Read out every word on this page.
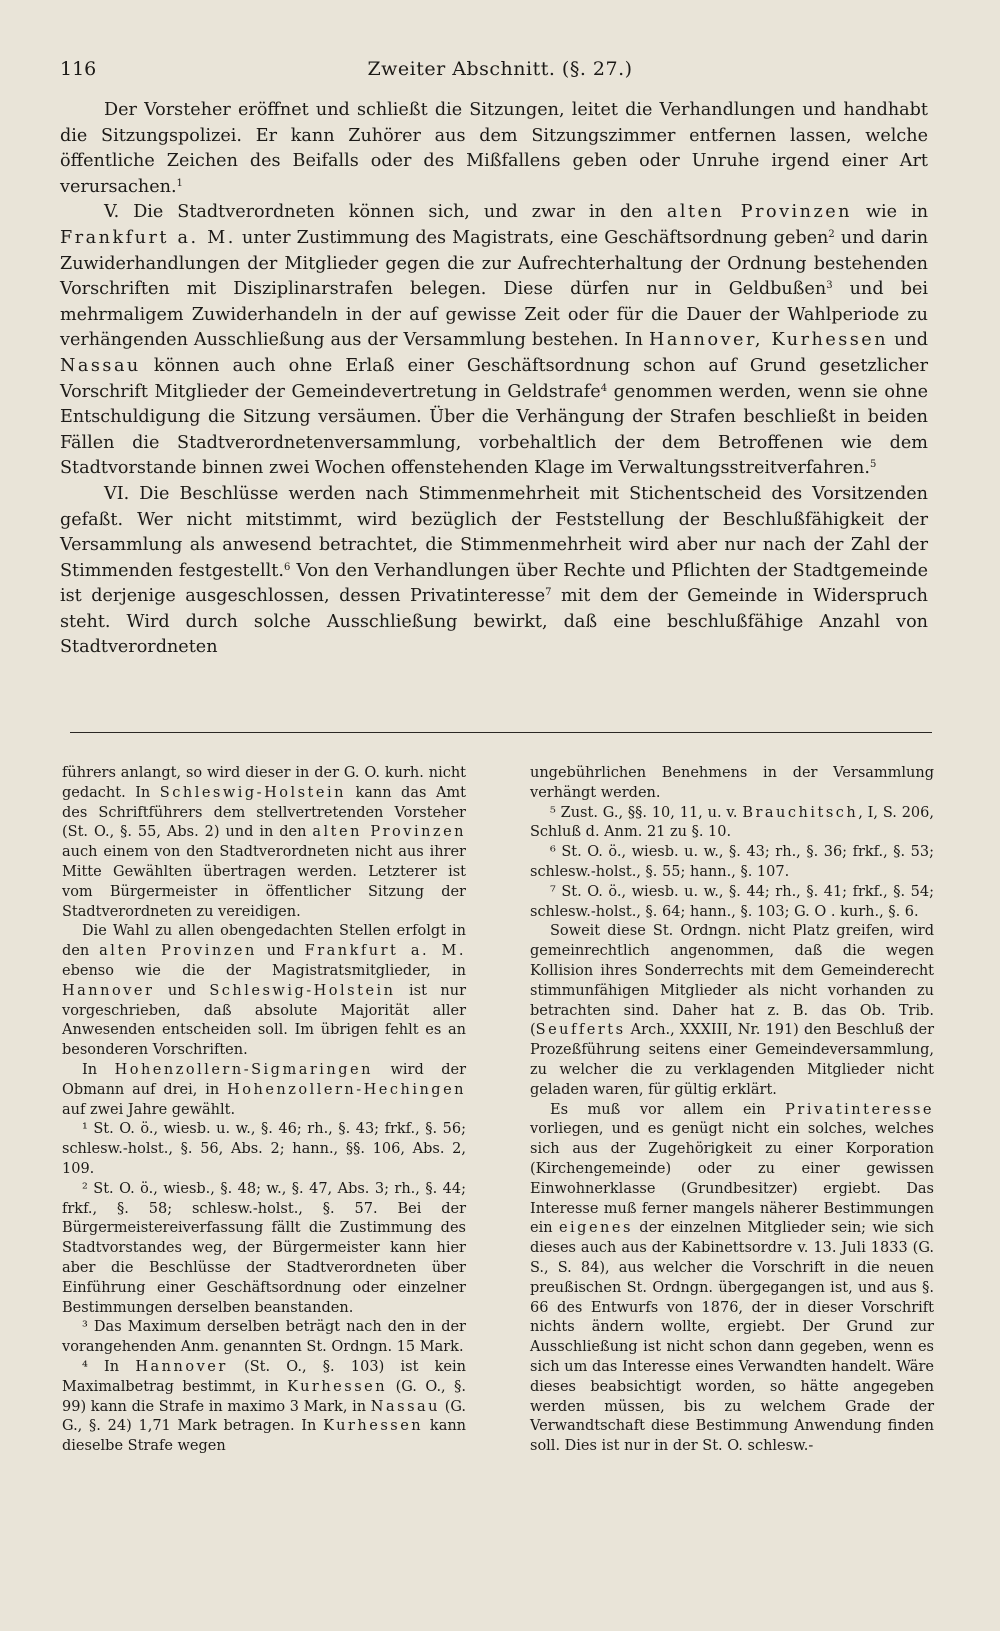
116	Zweiter Abschnitt. (§. 27.)

Der Vorsteher eröffnet und schließt die Sitzungen, leitet die Verhandlungen und handhabt die Sitzungspolizei. Er kann Zuhörer aus dem Sitzungszimmer entfernen lassen, welche öffentliche Zeichen des Beifalls oder des Mißfallens geben oder Unruhe irgend einer Art verursachen.$^1$

V. Die Stadtverordneten können sich, und zwar in den alten Provinzen wie in Frankfurt a. M. unter Zustimmung des Magistrats, eine Geschäftsordnung geben$^2$ und darin Zuwiderhandlungen der Mitglieder gegen die zur Aufrechterhaltung der Ordnung bestehenden Vorschriften mit Disziplinarstrafen belegen. Diese dürfen nur in Geldbußen$^3$ und bei mehrmaligem Zuwiderhandeln in der auf gewisse Zeit oder für die Dauer der Wahlperiode zu verhängenden Ausschließung aus der Versammlung bestehen. In Hannover, Kurhessen und Nassau können auch ohne Erlaß einer Geschäftsordnung schon auf Grund gesetzlicher Vorschrift Mitglieder der Gemeindevertretung in Geldstrafe$^4$ genommen werden, wenn sie ohne Entschuldigung die Sitzung versäumen. Über die Verhängung der Strafen beschließt in beiden Fällen die Stadtverordnetenversammlung, vorbehaltlich der dem Betroffenen wie dem Stadtvorstande binnen zwei Wochen offenstehenden Klage im Verwaltungsstreitverfahren.$^5$

VI. Die Beschlüsse werden nach Stimmenmehrheit mit Stichentscheid des Vorsitzenden gefaßt. Wer nicht mitstimmt, wird bezüglich der Feststellung der Beschlußfähigkeit der Versammlung als anwesend betrachtet, die Stimmenmehrheit wird aber nur nach der Zahl der Stimmenden festgestellt.$^6$ Von den Verhandlungen über Rechte und Pflichten der Stadtgemeinde ist derjenige ausgeschlossen, dessen Privatinteresse$^7$ mit dem der Gemeinde in Widerspruch steht. Wird durch solche Ausschließung bewirkt, daß eine beschlußfähige Anzahl von Stadtverordneten

führers anlangt, so wird dieser in der G. O. kurh. nicht gedacht. In Schleswig-Holstein kann das Amt des Schriftführers dem stellvertretenden Vorsteher (St. O., §. 55, Abs. 2) und in den alten Provinzen auch einem von den Stadtverordneten nicht aus ihrer Mitte Gewählten übertragen werden. Letzterer ist vom Bürgermeister in öffentlicher Sitzung der Stadtverordneten zu vereidigen.

Die Wahl zu allen obengedachten Stellen erfolgt in den alten Provinzen und Frankfurt a. M. ebenso wie die der Magistratsmitglieder, in Hannover und Schleswig-Holstein ist nur vorgeschrieben, daß absolute Majorität aller Anwesenden entscheiden soll. Im übrigen fehlt es an besonderen Vorschriften.

In Hohenzollern-Sigmaringen wird der Obmann auf drei, in Hohenzollern-Hechingen auf zwei Jahre gewählt.

¹ St. O. ö., wiesb. u. w., §. 46; rh., §. 43; frkf., §. 56; schlesw.-holst., §. 56, Abs. 2; hann., §§. 106, Abs. 2, 109.

² St. O. ö., wiesb., §. 48; w., §. 47, Abs. 3; rh., §. 44; frkf., §. 58; schlesw.-holst., §. 57. Bei der Bürgermeistereiverfassung fällt die Zustimmung des Stadtvorstandes weg, der Bürgermeister kann hier aber die Beschlüsse der Stadtverordneten über Einführung einer Geschäftsordnung oder einzelner Bestimmungen derselben beanstanden.

³ Das Maximum derselben beträgt nach den in der vorangehenden Anm. genannten St. Ordngn. 15 Mark.

⁴ In Hannover (St. O., §. 103) ist kein Maximalbetrag bestimmt, in Kurhessen (G. O., §. 99) kann die Strafe in maximo 3 Mark, in Nassau (G. G., §. 24) 1,71 Mark betragen. In Kurhessen kann dieselbe Strafe wegen

ungebührlichen Benehmens in der Versammlung verhängt werden.

⁵ Zust. G., §§. 10, 11, u. v. Brauchitsch, I, S. 206, Schluß d. Anm. 21 zu §. 10.

⁶ St. O. ö., wiesb. u. w., §. 43; rh., §. 36; frkf., §. 53; schlesw.-holst., §. 55; hann., §. 107.

⁷ St. O. ö., wiesb. u. w., §. 44; rh., §. 41; frkf., §. 54; schlesw.-holst., §. 64; hann., §. 103; G. O . kurh., §. 6.

Soweit diese St. Ordngn. nicht Platz greifen, wird gemeinrechtlich angenommen, daß die wegen Kollision ihres Sonderrechts mit dem Gemeinderecht stimmunfähigen Mitglieder als nicht vorhanden zu betrachten sind. Daher hat z. B. das Ob. Trib. (Seufferts Arch., XXXIII, Nr. 191) den Beschluß der Prozeßführung seitens einer Gemeindeversammlung, zu welcher die zu verklagenden Mitglieder nicht geladen waren, für gültig erklärt.

Es muß vor allem ein Privatinteresse vorliegen, und es genügt nicht ein solches, welches sich aus der Zugehörigkeit zu einer Korporation (Kirchengemeinde) oder zu einer gewissen Einwohnerklasse (Grundbesitzer) ergiebt. Das Interesse muß ferner mangels näherer Bestimmungen ein eigenes der einzelnen Mitglieder sein; wie sich dieses auch aus der Kabinettsordre v. 13. Juli 1833 (G. S., S. 84), aus welcher die Vorschrift in die neuen preußischen St. Ordngn. übergegangen ist, und aus §. 66 des Entwurfs von 1876, der in dieser Vorschrift nichts ändern wollte, ergiebt. Der Grund zur Ausschließung ist nicht schon dann gegeben, wenn es sich um das Interesse eines Verwandten handelt. Wäre dieses beabsichtigt worden, so hätte angegeben werden müssen, bis zu welchem Grade der Verwandtschaft diese Bestimmung Anwendung finden soll. Dies ist nur in der St. O. schlesw.-
